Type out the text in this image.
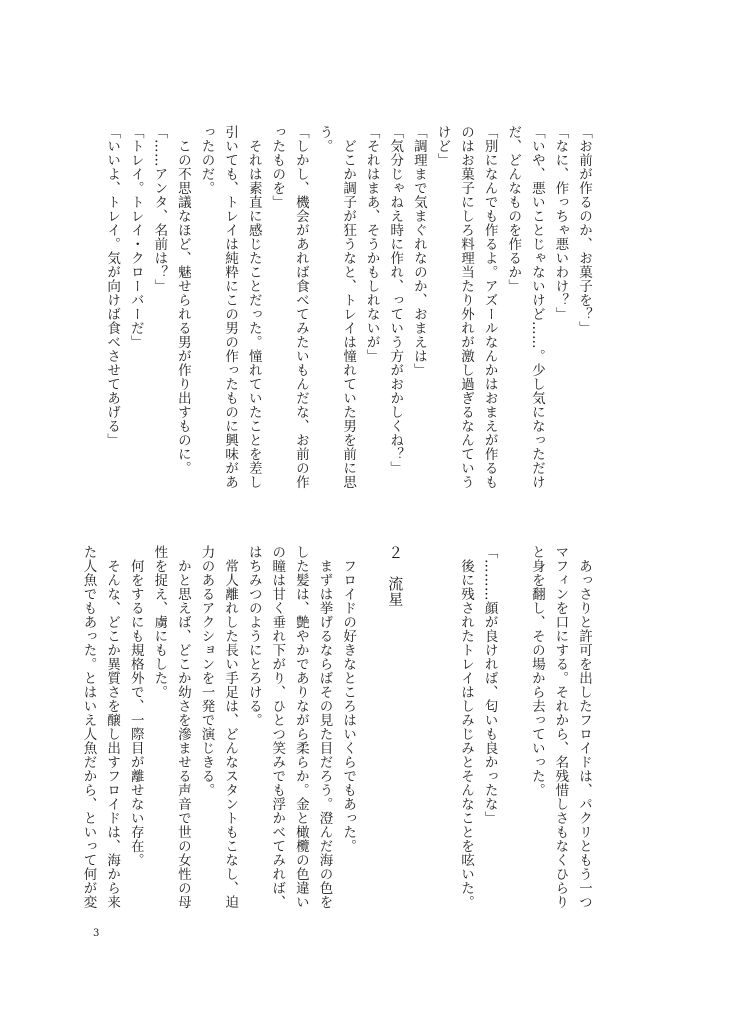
「お前が作るのか、お菓子を？」
「なに、作っちゃ悪いわけ？」
「いや、悪いことじゃないけど……。少し気になっただけ
だ、どんなものを作るか」
「別になんでも作るよ。アズールなんかはおまえが作るも
のはお菓子にしろ料理当たり外れが激し過ぎるなんていう
けど」
「調理まで気まぐれなのか、おまえは」
「気分じゃねえ時に作れ、っていう方がおかしくね？」
「それはまあ、そうかもしれないが」
　どこか調子が狂うなと、トレイは憧れていた男を前に思
う。
「しかし、機会があれば食べてみたいもんだな、お前の作
ったものを」
　それは素直に感じたことだった。憧れていたことを差し
引いても、トレイは純粋にこの男の作ったものに興味があ
ったのだ。
　この不思議なほど、魅せられる男が作り出すものに。
「……アンタ、名前は？」
「トレイ。トレイ・クローバーだ」
「いいよ、トレイ。気が向けば食べさせてあげる」
　あっさりと許可を出したフロイドは、パクリともう一つ
マフィンを口にする。それから、名残惜しさもなくひらり
と身を翻し、その場から去っていった。

「………顔が良ければ、匂いも良かったな」
　後に残されたトレイはしみじみとそんなことを呟いた。

２　流星

　フロイドの好きなところはいくらでもあった。
　まずは挙げるならばその見た目だろう。澄んだ海の色を
した髪は、艶やかでありながら柔らか。金と橄欖の色違い
の瞳は甘く垂れ下がり、ひとつ笑みでも浮かべてみれば、
はちみつのようにとろける。
　常人離れした長い手足は、どんなスタントもこなし、迫
力のあるアクションを一発で演じきる。
　かと思えば、どこか幼さを滲ませる声音で世の女性の母
性を捉え、虜にもした。
　何をするにも規格外で、一際目が離せない存在。
　そんな、どこか異質さを醸し出すフロイドは、海から来
た人魚でもあった。とはいえ人魚だから、といって何が変
3
